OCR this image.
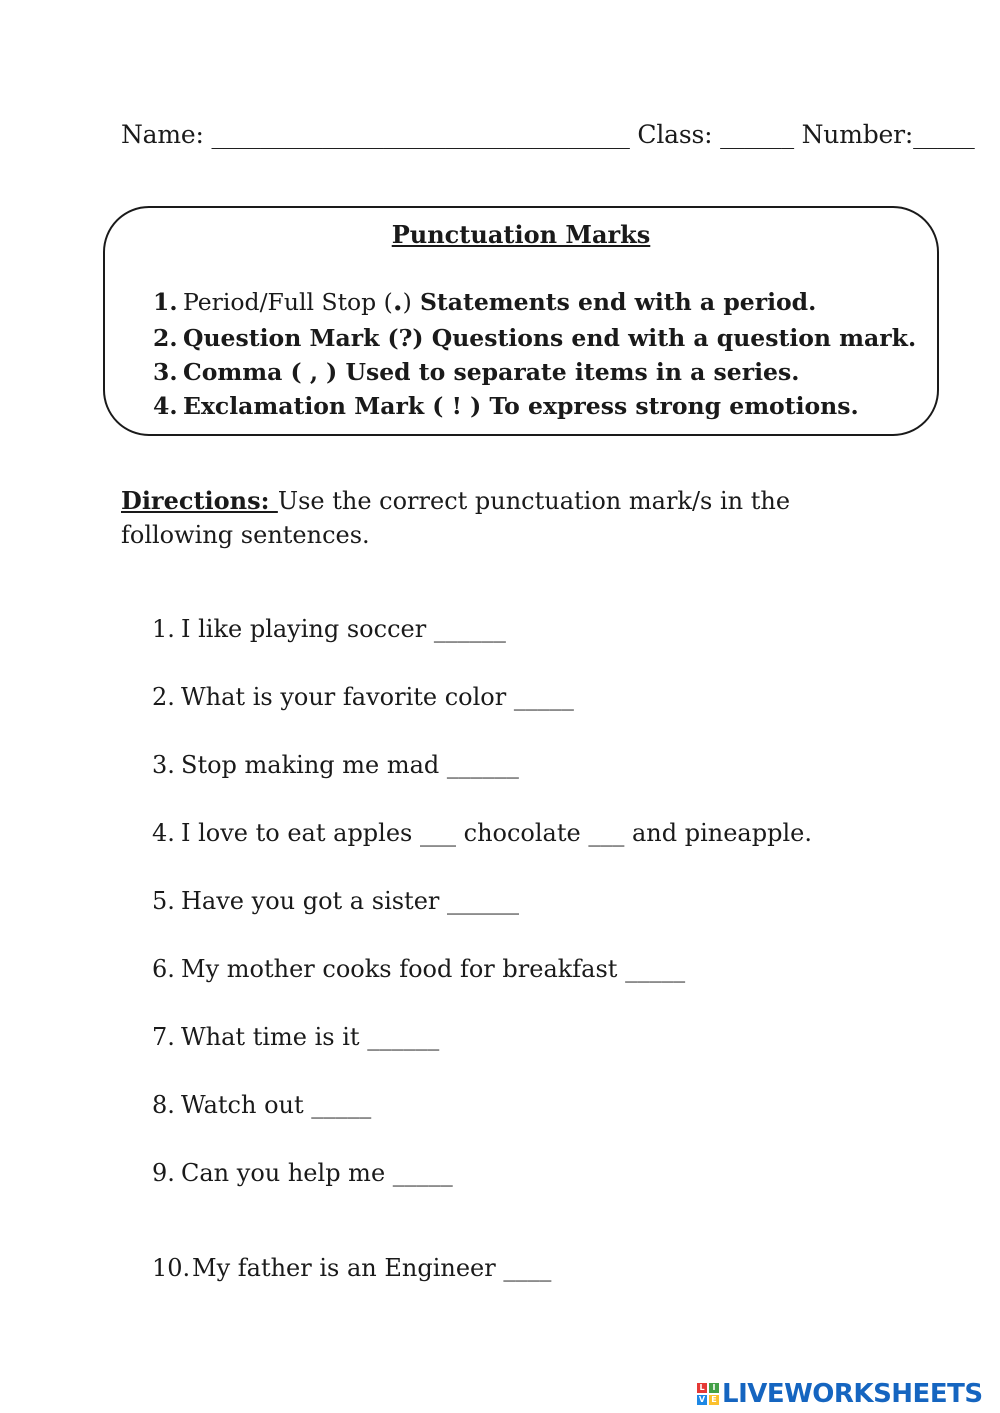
Name: __________________________________ Class: ______ Number:_____
Punctuation Marks
1. Period/Full Stop (.) Statements end with a period.
2. Question Mark (?) Questions end with a question mark.
3. Comma ( , ) Used to separate items in a series.
4. Exclamation Mark ( ! ) To express strong emotions.
Directions: Use the correct punctuation mark/s in the following sentences.
1. I like playing soccer ______
2. What is your favorite color _____
3. Stop making me mad ______
4. I love to eat apples ___ chocolate ___ and pineapple.
5. Have you got a sister ______
6. My mother cooks food for breakfast _____
7. What time is it ______
8. Watch out _____
9. Can you help me _____
10.My father is an Engineer ____
L I
V E LIVEWORKSHEETS
